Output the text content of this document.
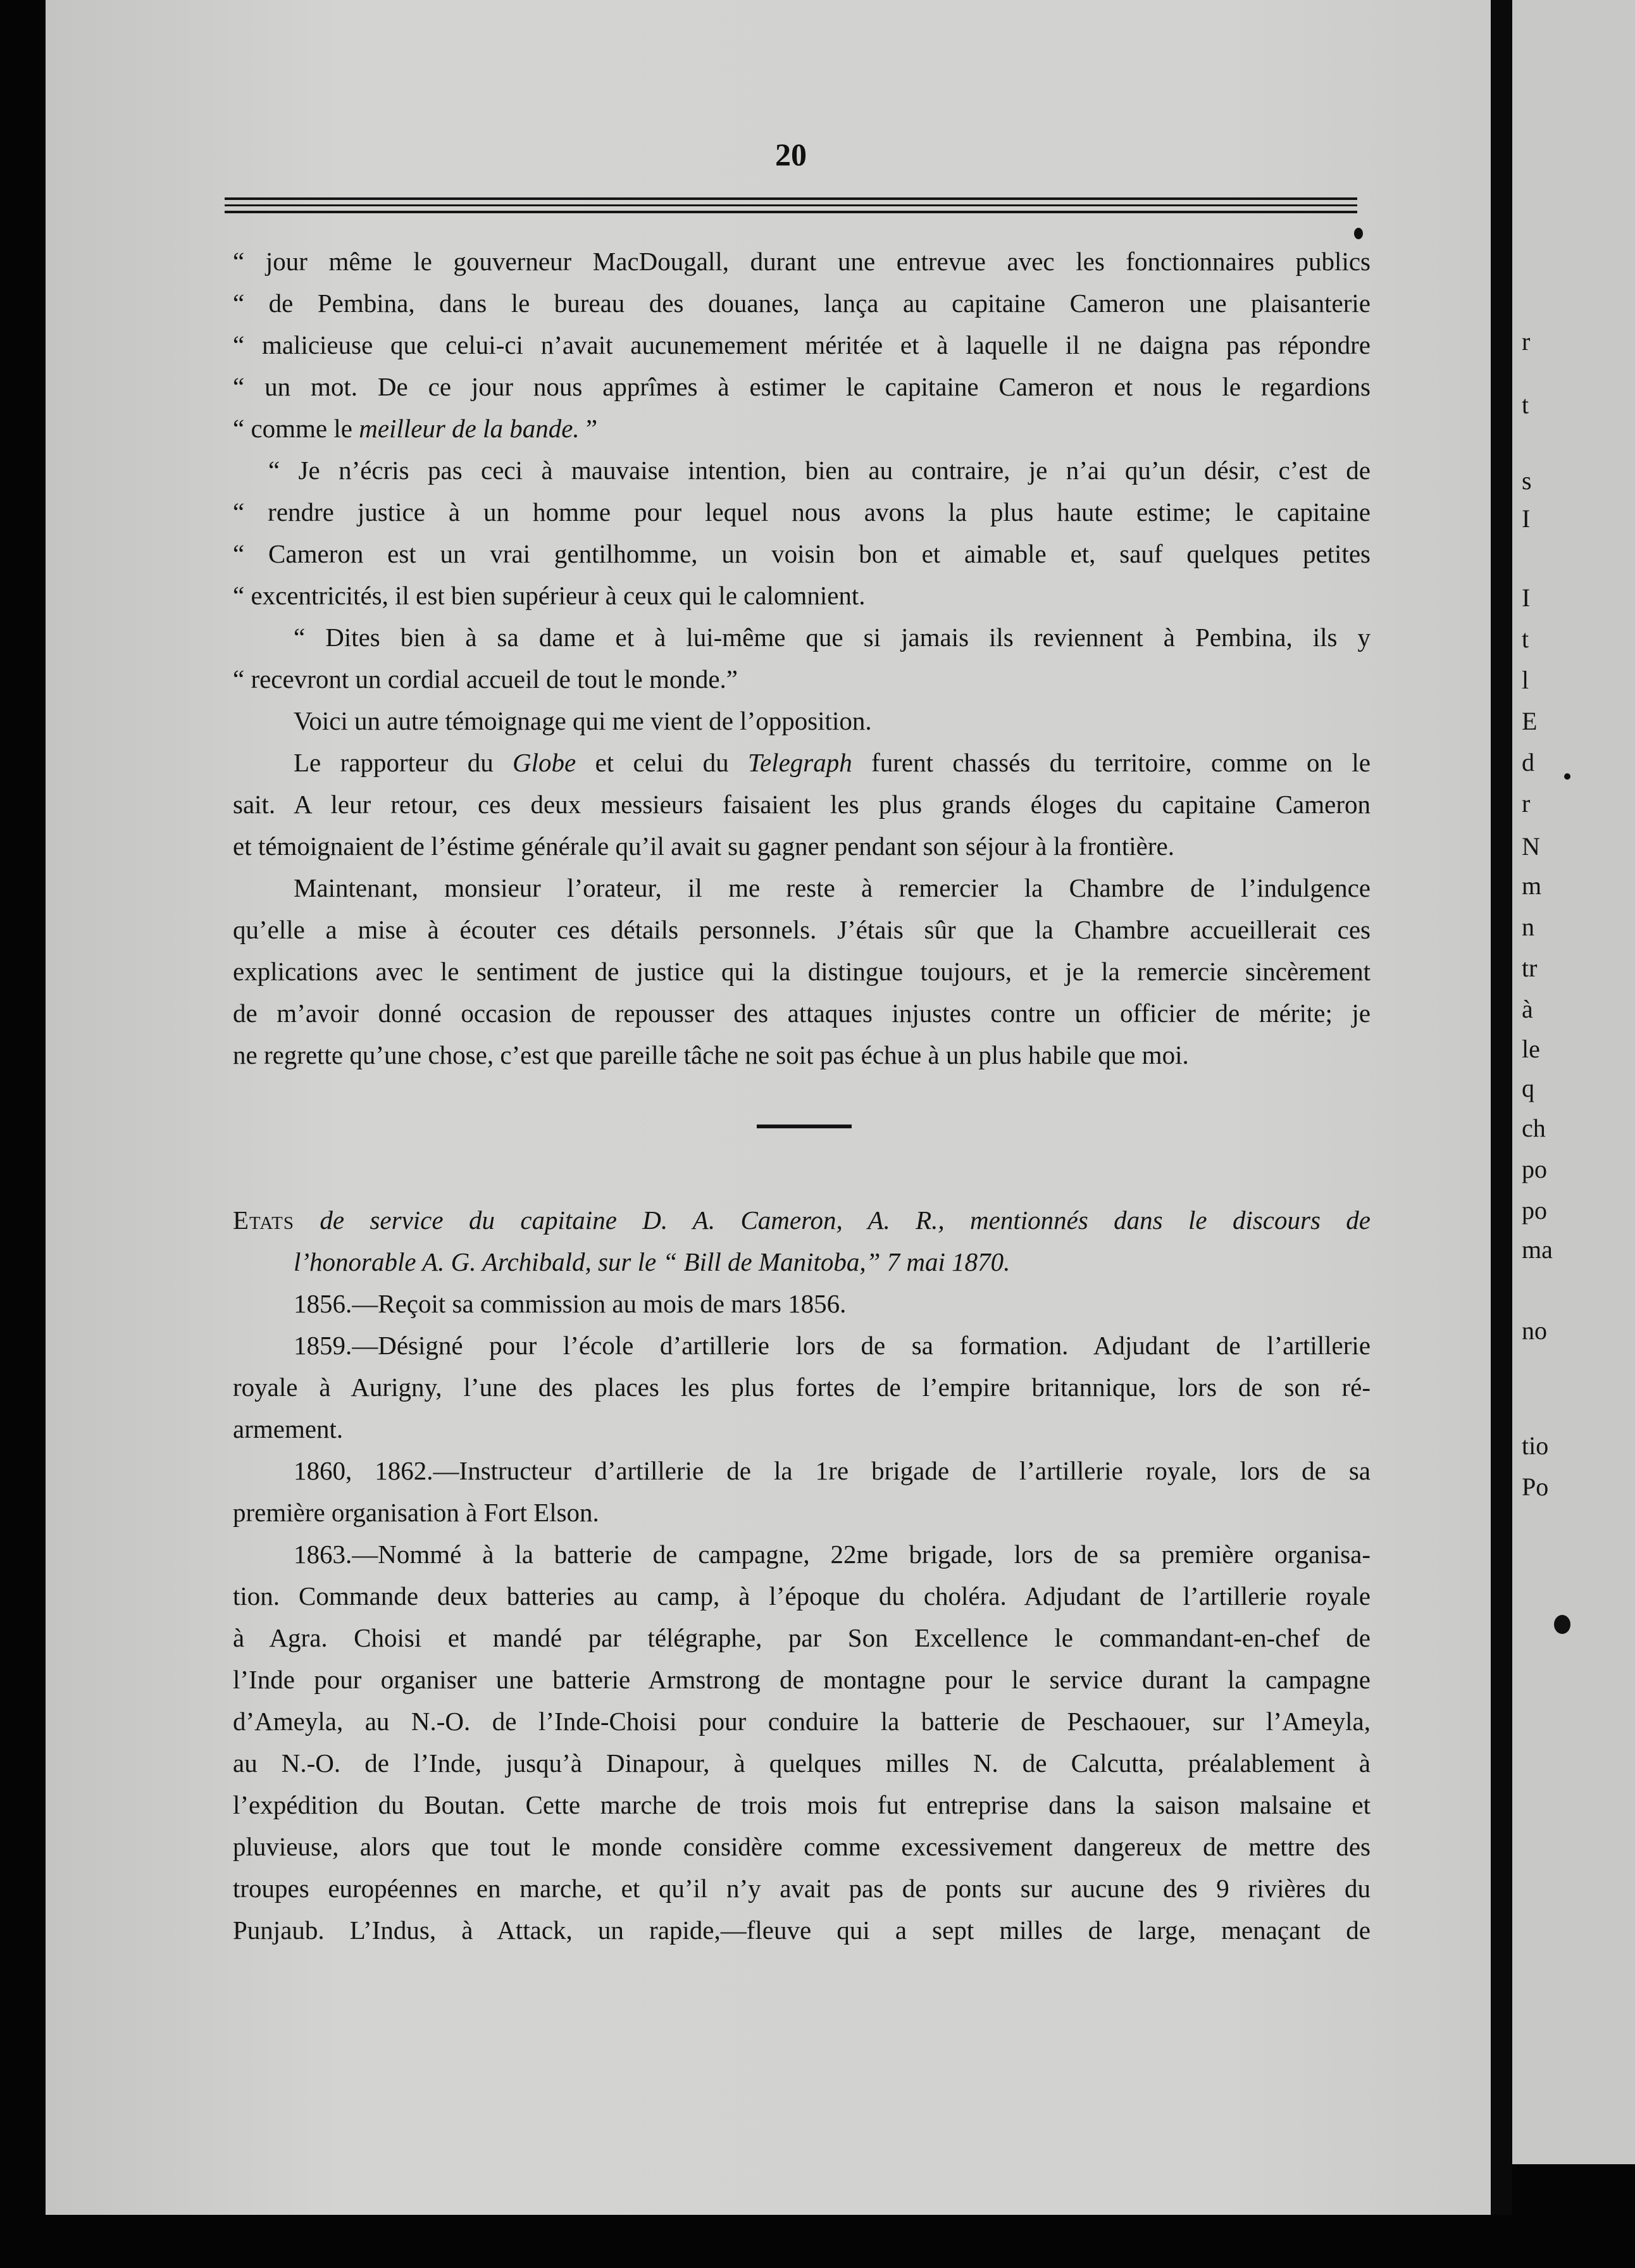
20

“ jour même le gouverneur MacDougall, durant une entrevue avec les fonctionnaires publics

“ de Pembina, dans le bureau des douanes, lança au capitaine Cameron une plaisanterie

“ malicieuse que celui-ci n’avait aucunemement méritée et à laquelle il ne daigna pas répondre

“ un mot. De ce jour nous apprîmes à estimer le capitaine Cameron et nous le regardions

“ comme le meilleur de la bande. ”

“ Je n’écris pas ceci à mauvaise intention, bien au contraire, je n’ai qu’un désir, c’est de

“ rendre justice à un homme pour lequel nous avons la plus haute estime; le capitaine

“ Cameron est un vrai gentilhomme, un voisin bon et aimable et, sauf quelques petites

“ excentricités, il est bien supérieur à ceux qui le calomnient.

“ Dites bien à sa dame et à lui-même que si jamais ils reviennent à Pembina, ils y

“ recevront un cordial accueil de tout le monde.”

Voici un autre témoignage qui me vient de l’opposition.

Le rapporteur du Globe et celui du Telegraph furent chassés du territoire, comme on le

sait. A leur retour, ces deux messieurs faisaient les plus grands éloges du capitaine Cameron

et témoignaient de l’éstime générale qu’il avait su gagner pendant son séjour à la frontière.

Maintenant, monsieur l’orateur, il me reste à remercier la Chambre de l’indulgence

qu’elle a mise à écouter ces détails personnels. J’étais sûr que la Chambre accueillerait ces

explications avec le sentiment de justice qui la distingue toujours, et je la remercie sincèrement

de m’avoir donné occasion de repousser des attaques injustes contre un officier de mérite; je

ne regrette qu’une chose, c’est que pareille tâche ne soit pas échue à un plus habile que moi.

Etats de service du capitaine D. A. Cameron, A. R., mentionnés dans le discours de
l’honorable A. G. Archibald, sur le “ Bill de Manitoba,” 7 mai 1870.

1856.—Reçoit sa commission au mois de mars 1856.

1859.—Désigné pour l’école d’artillerie lors de sa formation. Adjudant de l’artillerie

royale à Aurigny, l’une des places les plus fortes de l’empire britannique, lors de son ré-

armement.

1860, 1862.—Instructeur d’artillerie de la 1re brigade de l’artillerie royale, lors de sa

première organisation à Fort Elson.

1863.—Nommé à la batterie de campagne, 22me brigade, lors de sa première organisa-

tion. Commande deux batteries au camp, à l’époque du choléra. Adjudant de l’artillerie royale

à Agra. Choisi et mandé par télégraphe, par Son Excellence le commandant-en-chef de

l’Inde pour organiser une batterie Armstrong de montagne pour le service durant la campagne

d’Ameyla, au N.-O. de l’Inde-Choisi pour conduire la batterie de Peschaouer, sur l’Ameyla,

au N.-O. de l’Inde, jusqu’à Dinapour, à quelques milles N. de Calcutta, préalablement à

l’expédition du Boutan. Cette marche de trois mois fut entreprise dans la saison malsaine et

pluvieuse, alors que tout le monde considère comme excessivement dangereux de mettre des

troupes européennes en marche, et qu’il n’y avait pas de ponts sur aucune des 9 rivières du

Punjaub. L’Indus, à Attack, un rapide,—fleuve qui a sept milles de large, menaçant de

r
t
s
I
I
t
l
E
d
r
N
m
n
tr
à
le
q
ch
po
po
ma
no
tio
Po
